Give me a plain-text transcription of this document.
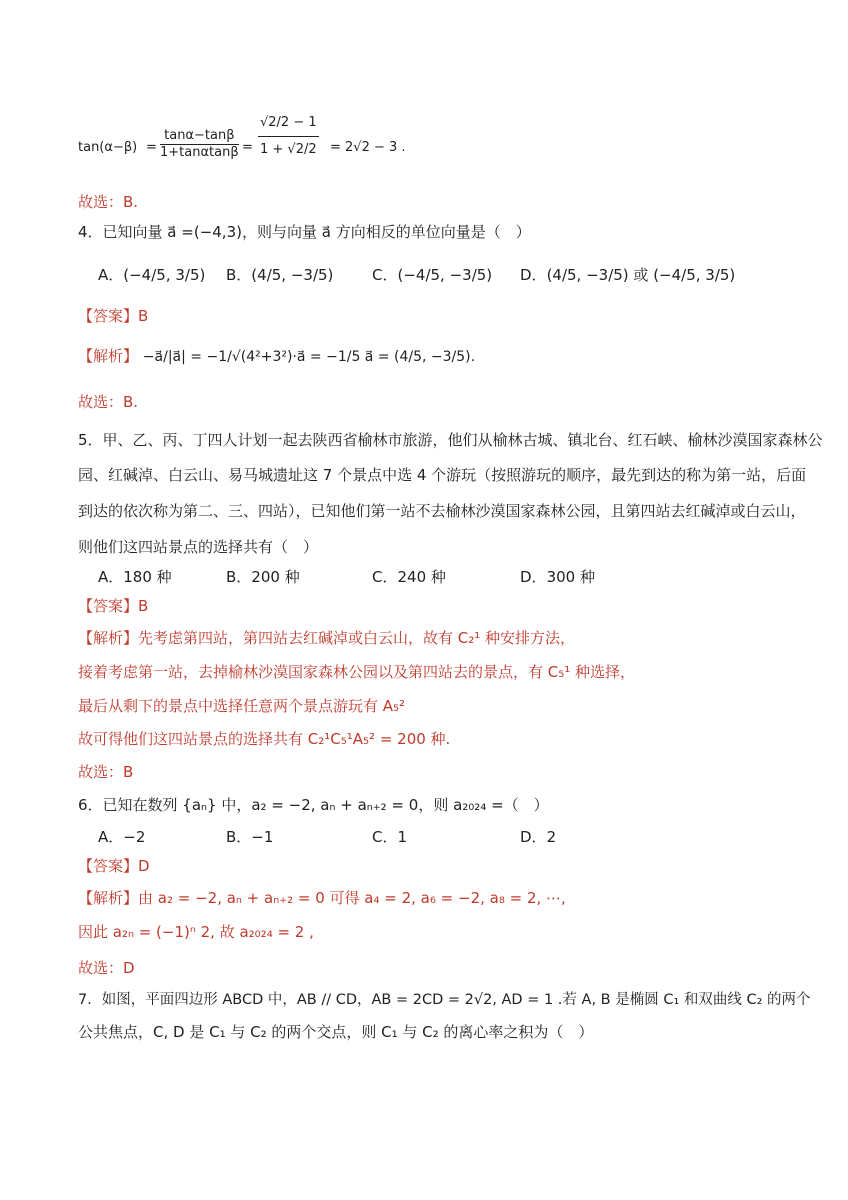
$\tan(\alpha-\beta) = \frac{\tan\alpha-\tan\beta}{1+\tan\alpha\tan\beta} = \frac{√2/2 - 1}{1 + √2/2} = 2√2 - 3$ .
故选：B.
4．已知向量 a⃗ =(−4,3)，则与向量 a⃗ 方向相反的单位向量是（　）
A．(−4/5, 3/5) B．(4/5, −3/5)	C．(−4/5, −3/5) D．(4/5, −3/5) 或 (−4/5, 3/5)
【答案】B
【解析】 −a⃗/|a⃗| = −1/√(4²+3²)·a⃗ = −1/5 a⃗ = (4/5, −3/5).
故选：B.
5．甲、乙、丙、丁四人计划一起去陕西省榆林市旅游，他们从榆林古城、镇北台、红石峡、榆林沙漠国家森林公
园、红碱淖、白云山、易马城遗址这 7 个景点中选 4 个游玩（按照游玩的顺序，最先到达的称为第一站，后面
到达的依次称为第二、三、四站），已知他们第一站不去榆林沙漠国家森林公园，且第四站去红碱淖或白云山，
则他们这四站景点的选择共有（　）
A．180 种	B．200 种	C．240 种	D．300 种
【答案】B
【解析】先考虑第四站，第四站去红碱淖或白云山，故有 C₂¹ 种安排方法，
接着考虑第一站，去掉榆林沙漠国家森林公园以及第四站去的景点，有 C₅¹ 种选择，
最后从剩下的景点中选择任意两个景点游玩有 A₅²
故可得他们这四站景点的选择共有 C₂¹C₅¹A₅² = 200 种.
故选：B
6．已知在数列 {aₙ} 中，a₂ = −2, aₙ + aₙ₊₂ = 0，则 a₂₀₂₄ =（　）
A．−2	B．−1	C．1	D．2
【答案】D
【解析】由 a₂ = −2, aₙ + aₙ₊₂ = 0 可得 a₄ = 2, a₆ = −2, a₈ = 2, ⋯,
因此 a₂ₙ = (−1)ⁿ 2, 故 a₂₀₂₄ = 2 ,
故选：D
7．如图，平面四边形 ABCD 中，AB // CD，AB = 2CD = 2√2, AD = 1 .若 A, B 是椭圆 C₁ 和双曲线 C₂ 的两个
公共焦点，C, D 是 C₁ 与 C₂ 的两个交点，则 C₁ 与 C₂ 的离心率之积为（　）
